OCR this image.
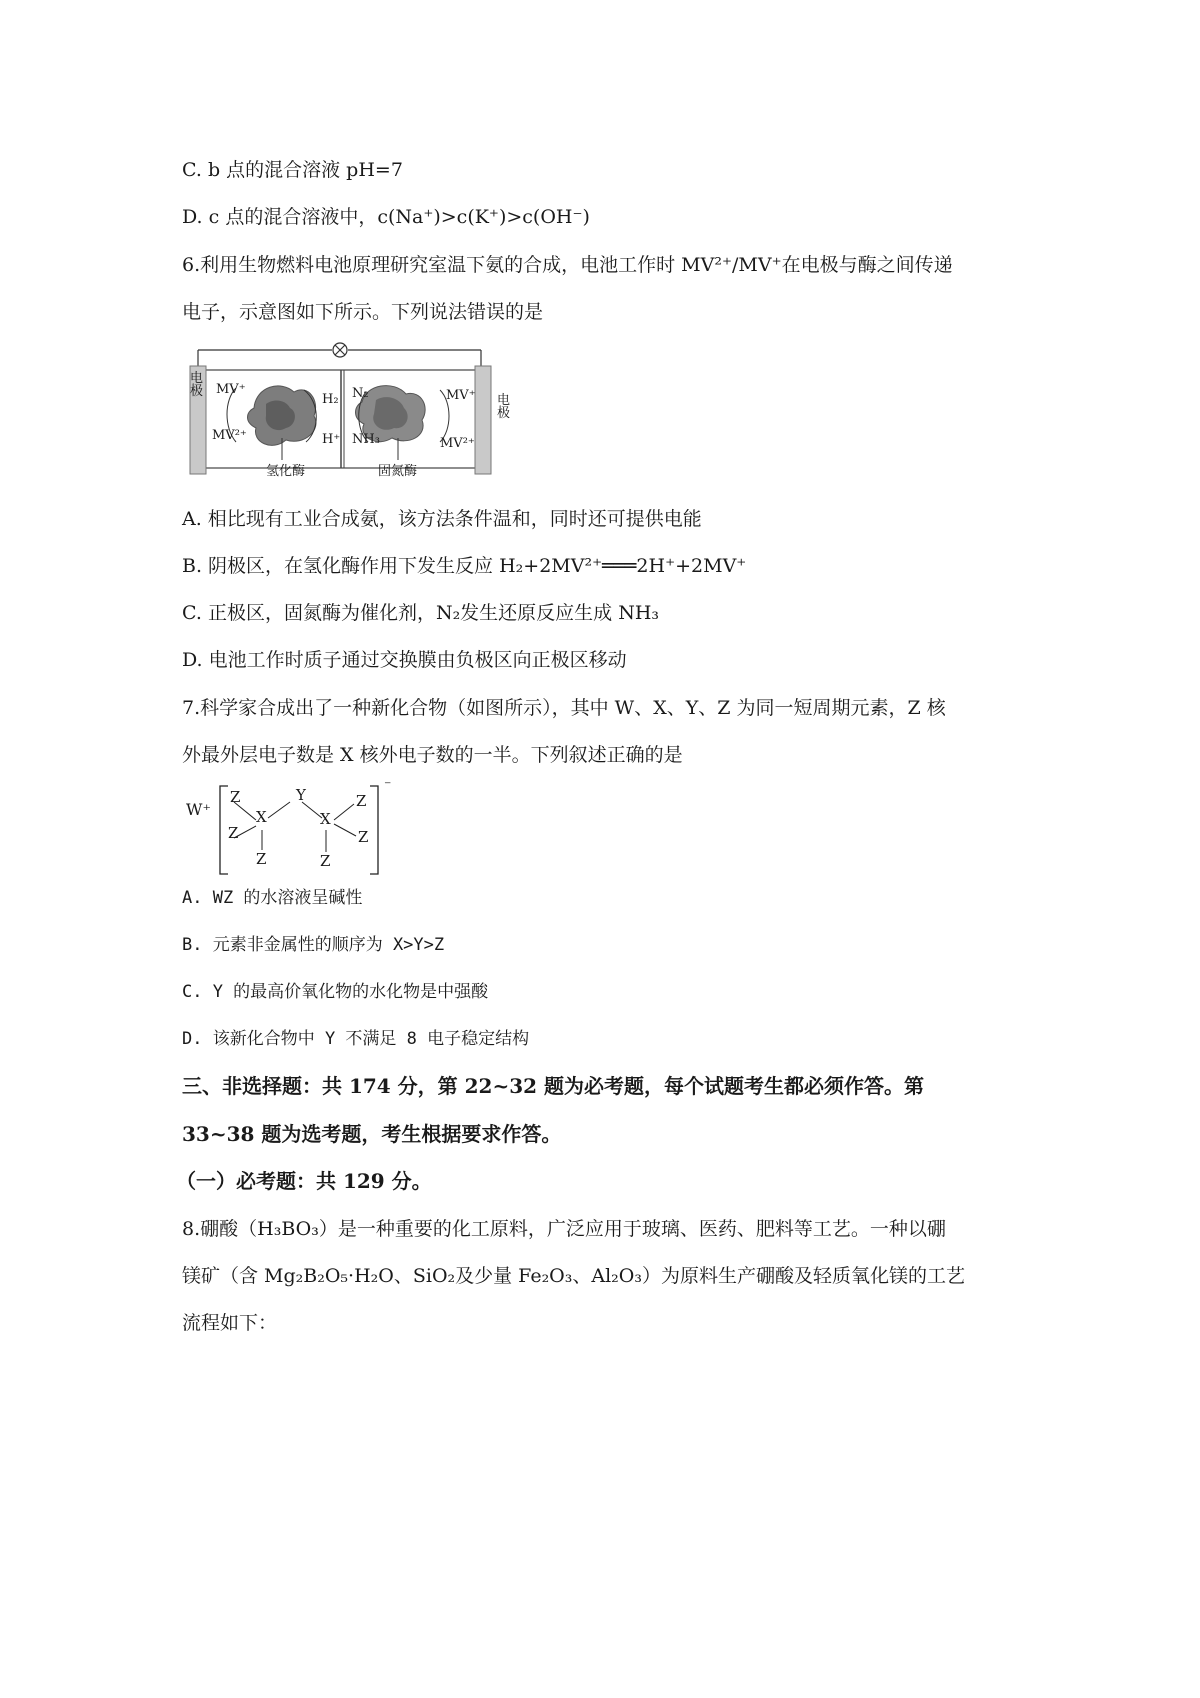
C. b 点的混合溶液 pH=7
D. c 点的混合溶液中，c(Na⁺)>c(K⁺)>c(OH⁻)
6.利用生物燃料电池原理研究室温下氨的合成，电池工作时 MV²⁺/MV⁺在电极与酶之间传递
电子，示意图如下所示。下列说法错误的是
电极
电极
MV⁺
MV²⁺
H₂
H⁺
氢化酶
N₂
NH₃
MV⁺
MV²⁺
固氮酶
A. 相比现有工业合成氨，该方法条件温和，同时还可提供电能
B. 阴极区，在氢化酶作用下发生反应 H₂+2MV²⁺═══2H⁺+2MV⁺
C. 正极区，固氮酶为催化剂，N₂发生还原反应生成 NH₃
D. 电池工作时质子通过交换膜由负极区向正极区移动
7.科学家合成出了一种新化合物（如图所示），其中 W、X、Y、Z 为同一短周期元素，Z 核
外最外层电子数是 X 核外电子数的一半。下列叙述正确的是
W⁺
Z
Z
X
Z
Y
X
Z
Z
Z
⁻
A. WZ 的水溶液呈碱性
B. 元素非金属性的顺序为 X>Y>Z
C. Y 的最高价氧化物的水化物是中强酸
D. 该新化合物中 Y 不满足 8 电子稳定结构
三、非选择题：共 174 分，第 22~32 题为必考题，每个试题考生都必须作答。第
33~38 题为选考题，考生根据要求作答。
（一）必考题：共 129 分。
8.硼酸（H₃BO₃）是一种重要的化工原料，广泛应用于玻璃、医药、肥料等工艺。一种以硼
镁矿（含 Mg₂B₂O₅·H₂O、SiO₂及少量 Fe₂O₃、Al₂O₃）为原料生产硼酸及轻质氧化镁的工艺
流程如下：
